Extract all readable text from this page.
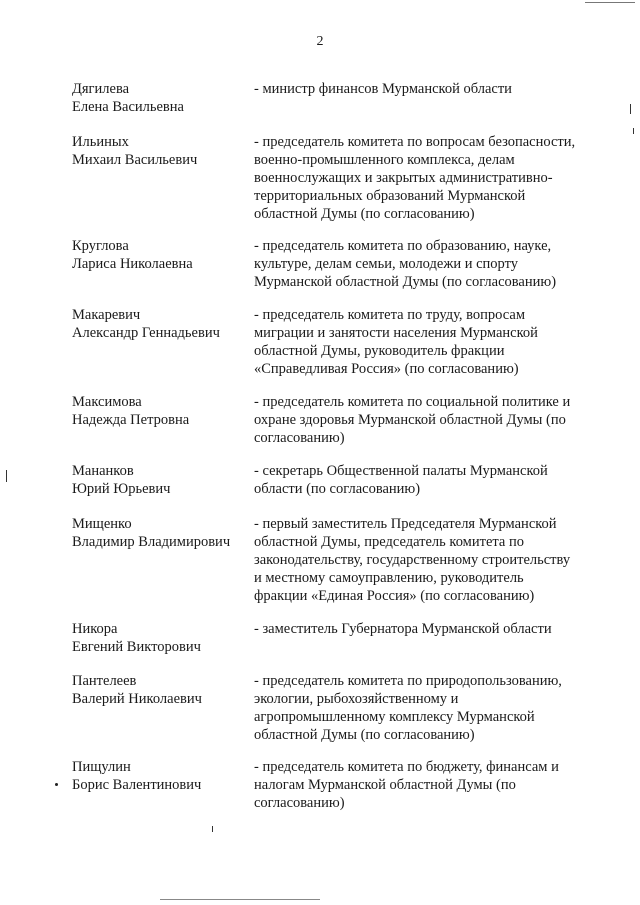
2
Дягилева
Елена Васильевна
- министр финансов Мурманской области
Ильиных
Михаил Васильевич
- председатель комитета по вопросам безопасности,
военно-промышленного комплекса, делам
военнослужащих и закрытых административно-
территориальных образований Мурманской
областной Думы (по согласованию)
Круглова
Лариса Николаевна
- председатель комитета по образованию, науке,
культуре, делам семьи, молодежи и спорту
Мурманской областной Думы (по согласованию)
Макаревич
Александр Геннадьевич
- председатель комитета по труду, вопросам
миграции и занятости населения Мурманской
областной Думы, руководитель фракции
«Справедливая Россия» (по согласованию)
Максимова
Надежда Петровна
- председатель комитета по социальной политике и
охране здоровья Мурманской областной Думы (по
согласованию)
Мананков
Юрий Юрьевич
- секретарь Общественной палаты Мурманской
области (по согласованию)
Мищенко
Владимир Владимирович
- первый заместитель Председателя Мурманской
областной Думы, председатель комитета по
законодательству, государственному строительству
и местному самоуправлению, руководитель
фракции «Единая Россия» (по согласованию)
Никора
Евгений Викторович
- заместитель Губернатора Мурманской области
Пантелеев
Валерий Николаевич
- председатель комитета по природопользованию,
экологии, рыбохозяйственному и
агропромышленному комплексу Мурманской
областной Думы (по согласованию)
Пищулин
Борис Валентинович
- председатель комитета по бюджету, финансам и
налогам Мурманской областной Думы (по
согласованию)
